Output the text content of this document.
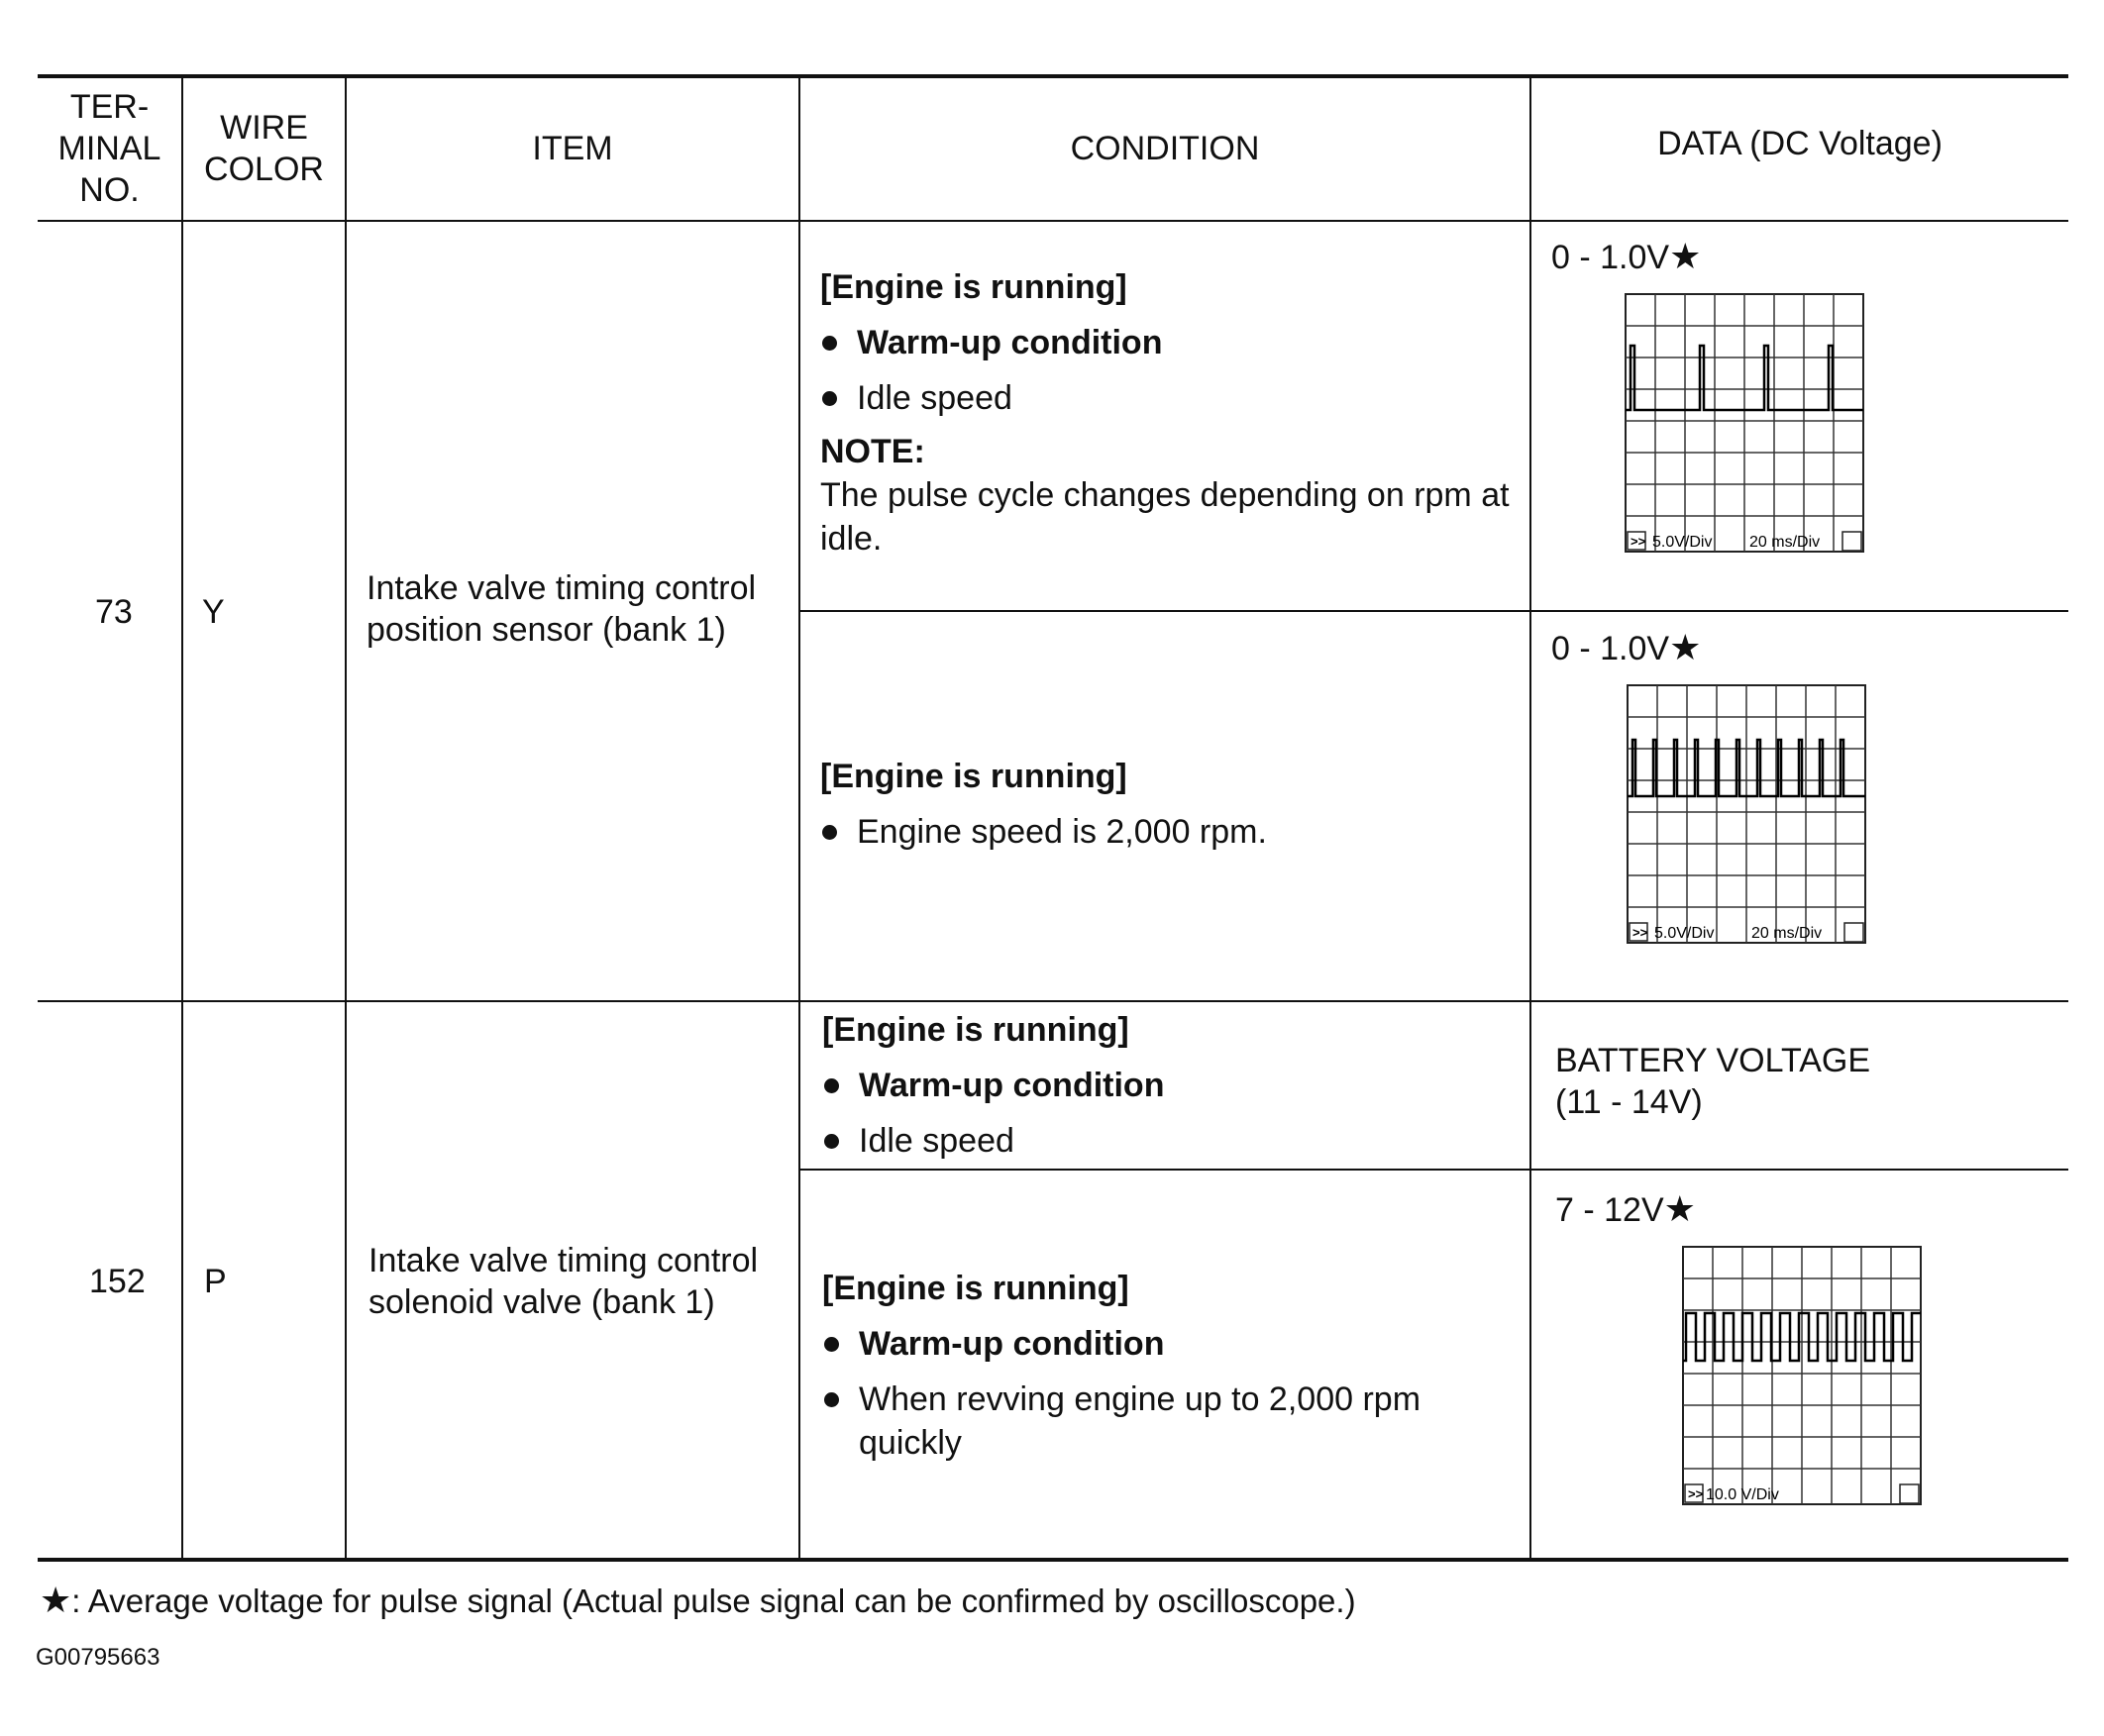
TER-
MINAL
NO.
WIRE
COLOR
ITEM	CONDITION	DATA (DC Voltage)
73 Y
Intake valve timing control
position sensor (bank 1)
[Engine is running]
Warm-up condition
Idle speed
NOTE:
The pulse cycle changes depending on rpm at idle.
0 - 1.0V★
>> 5.0V/Div 20 ms/Div
[Engine is running]
Engine speed is 2,000 rpm.
0 - 1.0V★
>> 5.0V/Div 20 ms/Div
152 P
Intake valve timing control
solenoid valve (bank 1)
[Engine is running]
Warm-up condition
Idle speed
BATTERY VOLTAGE
(11 - 14V)
[Engine is running]
Warm-up condition
When revving engine up to 2,000 rpm quickly
7 - 12V★
>> 10.0 V/Div
★: Average voltage for pulse signal (Actual pulse signal can be confirmed by oscilloscope.)
G00795663
